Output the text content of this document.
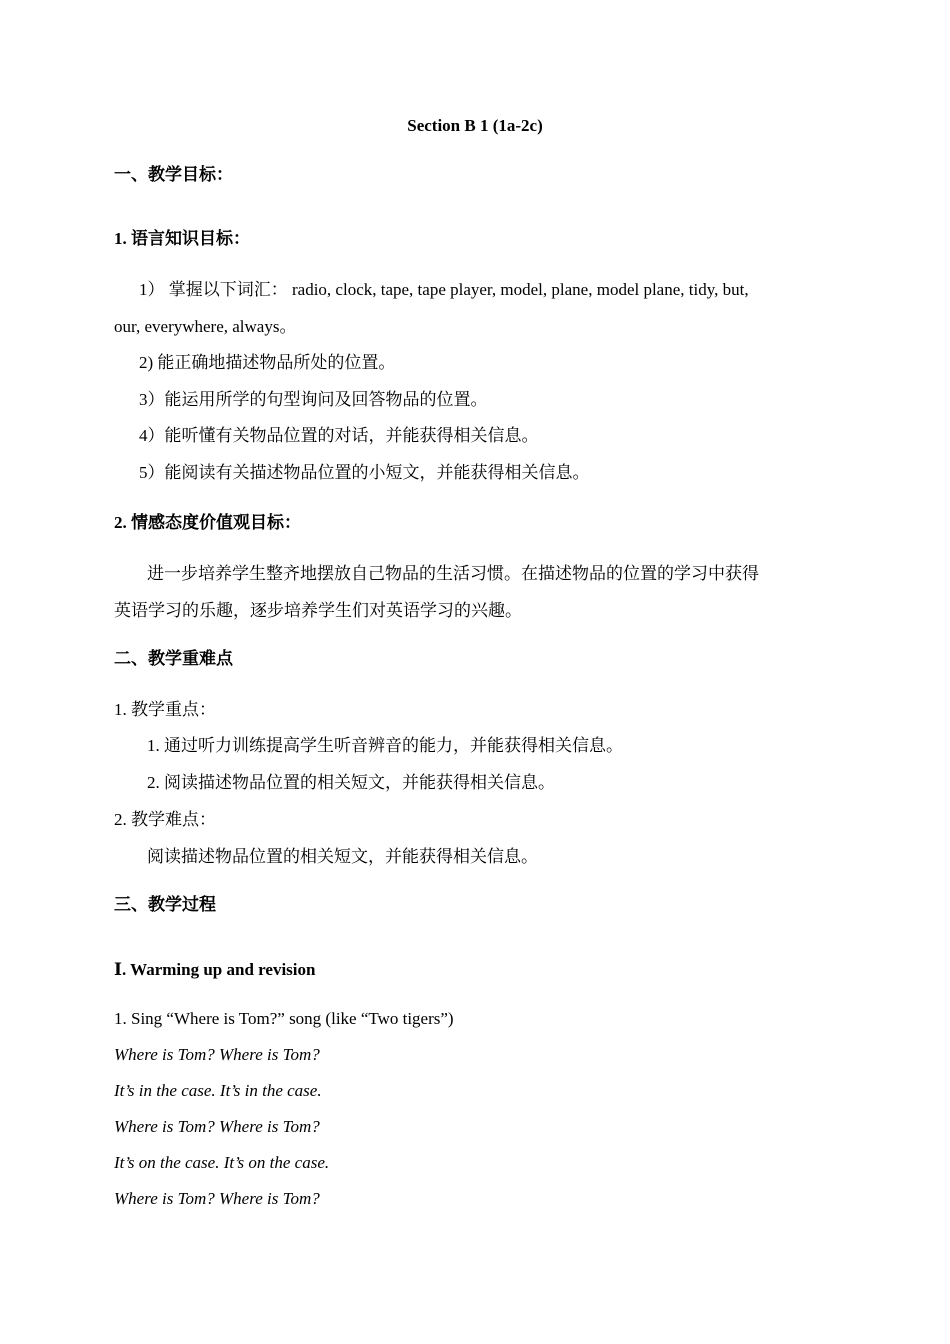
Section B 1 (1a-2c)
一、教学目标：
1. 语言知识目标：
1） 掌握以下词汇： radio, clock, tape, tape player, model, plane, model plane, tidy, but,
our, everywhere, always。
2) 能正确地描述物品所处的位置。
3）能运用所学的句型询问及回答物品的位置。
4）能听懂有关物品位置的对话，并能获得相关信息。
5）能阅读有关描述物品位置的小短文，并能获得相关信息。
2. 情感态度价值观目标：
进一步培养学生整齐地摆放自己物品的生活习惯。在描述物品的位置的学习中获得
英语学习的乐趣，逐步培养学生们对英语学习的兴趣。
二、教学重难点
1. 教学重点：
1. 通过听力训练提高学生听音辨音的能力，并能获得相关信息。
2. 阅读描述物品位置的相关短文，并能获得相关信息。
2. 教学难点：
阅读描述物品位置的相关短文，并能获得相关信息。
三、教学过程
Ⅰ. Warming up and revision
1. Sing “Where is Tom?” song (like “Two tigers”)
Where is Tom? Where is Tom?
It’s in the case. It’s in the case.
Where is Tom? Where is Tom?
It’s on the case. It’s on the case.
Where is Tom? Where is Tom?
